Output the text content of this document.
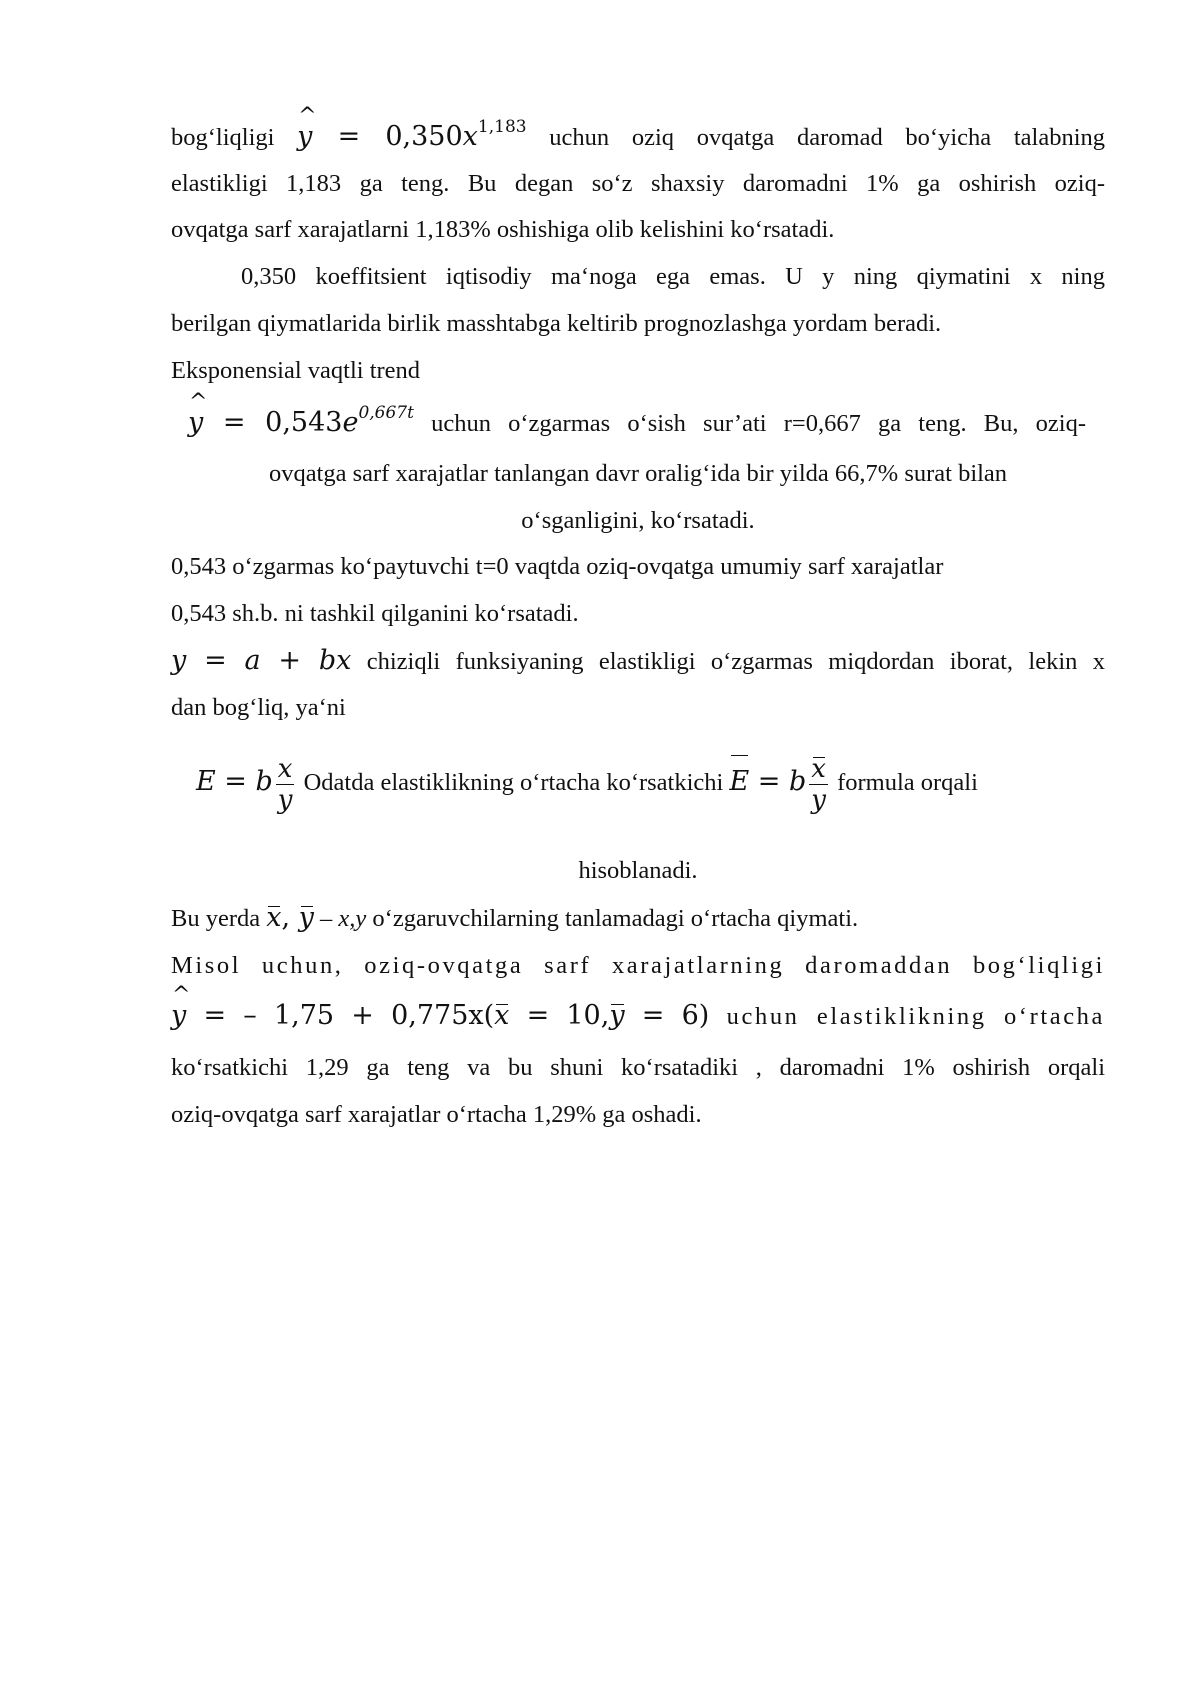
bog‘liqligi ^ $y = 0,350x^{1,183}$ uchun oziq ovqatga daromad bo‘yicha talabning
elastikligi 1,183 ga teng. Bu degan so‘z shaxsiy daromadni 1% ga oshirish oziq-
ovqatga sarf xarajatlarni 1,183% oshishiga olib kelishini ko‘rsatadi.
0,350 koeffitsient iqtisodiy ma‘noga ega emas. U y ning qiymatini x ning
berilgan qiymatlarida birlik masshtabga keltirib prognozlashga yordam beradi.
Eksponensial vaqtli trend
^ $y = 0,543e^{0,667t}$ uchun o‘zgarmas o‘sish sur’ati r=0,667 ga teng. Bu, oziq-
ovqatga sarf xarajatlar tanlangan davr oralig‘ida bir yilda 66,7% surat bilan
o‘sganligini, ko‘rsatadi.
0,543 o‘zgarmas ko‘paytuvchi t=0 vaqtda oziq-ovqatga umumiy sarf xarajatlar
0,543 sh.b. ni tashkil qilganini ko‘rsatadi.
y = a + bx chiziqli funksiyaning elastikligi o‘zgarmas miqdordan iborat, lekin x
dan bog‘liq, ya‘ni
E = b $\frac{x}{y}$ Odatda elastiklikning o‘rtacha ko‘rsatkichi E = b $\frac{x}{y}$ formula orqali
hisoblanadi.
Bu yerda x, y – x,y o‘zgaruvchilarning tanlamadagi o‘rtacha qiymati.
Misol uchun, oziq-ovqatga sarf xarajatlarning daromaddan bog‘liqligi
^ y = – 1,75 + 0,775x(x = 10,y = 6) uchun elastiklikning o‘rtacha
ko‘rsatkichi 1,29 ga teng va bu shuni ko‘rsatadiki , daromadni 1% oshirish orqali
oziq-ovqatga sarf xarajatlar o‘rtacha 1,29% ga oshadi.
